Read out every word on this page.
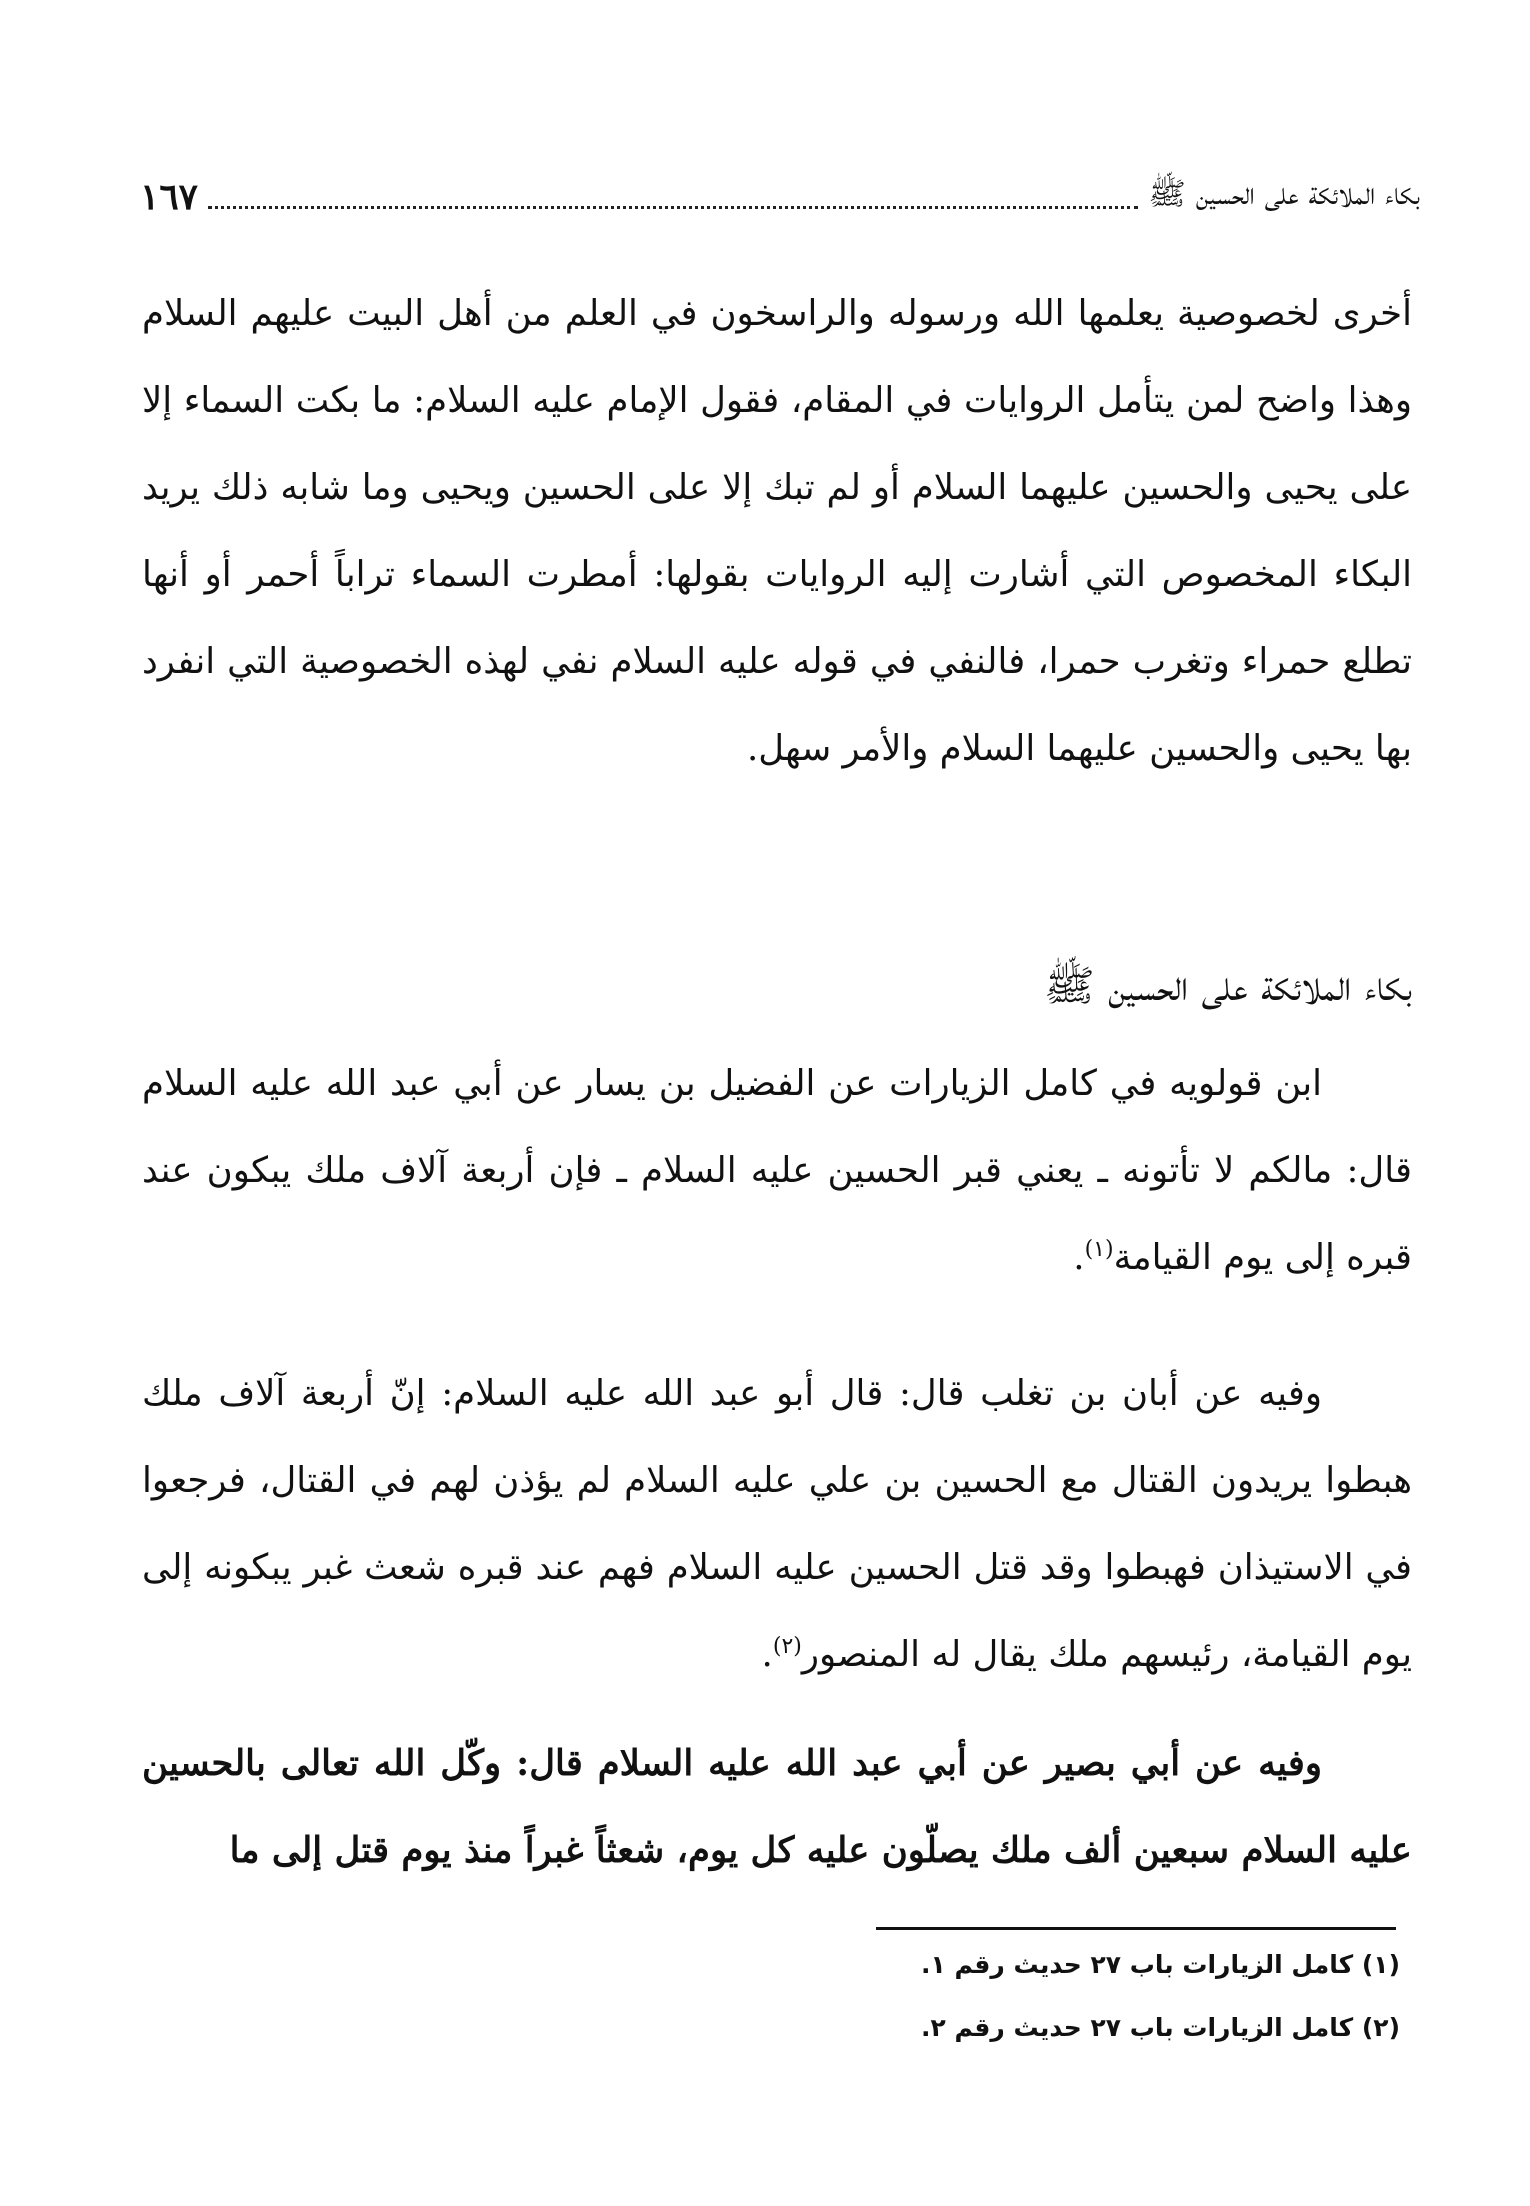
بكاء الملائكة على الحسين ﷺ
١٦٧

أخرى لخصوصية يعلمها الله ورسوله والراسخون في العلم من أهل البيت عليهم السلام وهذا واضح لمن يتأمل الروايات في المقام، فقول الإمام عليه السلام: ما بكت السماء إلا على يحيى والحسين عليهما السلام أو لم تبك إلا على الحسين ويحيى وما شابه ذلك يريد البكاء المخصوص التي أشارت إليه الروايات بقولها: أمطرت السماء تراباً أحمر أو أنها تطلع حمراء وتغرب حمرا، فالنفي في قوله عليه السلام نفي لهذه الخصوصية التي انفرد بها يحيى والحسين عليهما السلام والأمر سهل.

بكاء الملائكة على الحسين ﷺ

ابن قولويه في كامل الزيارات عن الفضيل بن يسار عن أبي عبد الله عليه السلام قال: مالكم لا تأتونه ـ يعني قبر الحسين عليه السلام ـ فإن أربعة آلاف ملك يبكون عند قبره إلى يوم القيامة$^{(١)}$.

وفيه عن أبان بن تغلب قال: قال أبو عبد الله عليه السلام: إنّ أربعة آلاف ملك هبطوا يريدون القتال مع الحسين بن علي عليه السلام لم يؤذن لهم في القتال، فرجعوا في الاستيذان فهبطوا وقد قتل الحسين عليه السلام فهم عند قبره شعث غبر يبكونه إلى يوم القيامة، رئيسهم ملك يقال له المنصور$^{(٢)}$.

وفيه عن أبي بصير عن أبي عبد الله عليه السلام قال: وكّل الله تعالى بالحسين عليه السلام سبعين ألف ملك يصلّون عليه كل يوم، شعثاً غبراً منذ يوم قتل إلى ما

(١) كامل الزيارات باب ٢٧ حديث رقم ١.

(٢) كامل الزيارات باب ٢٧ حديث رقم ٢.
